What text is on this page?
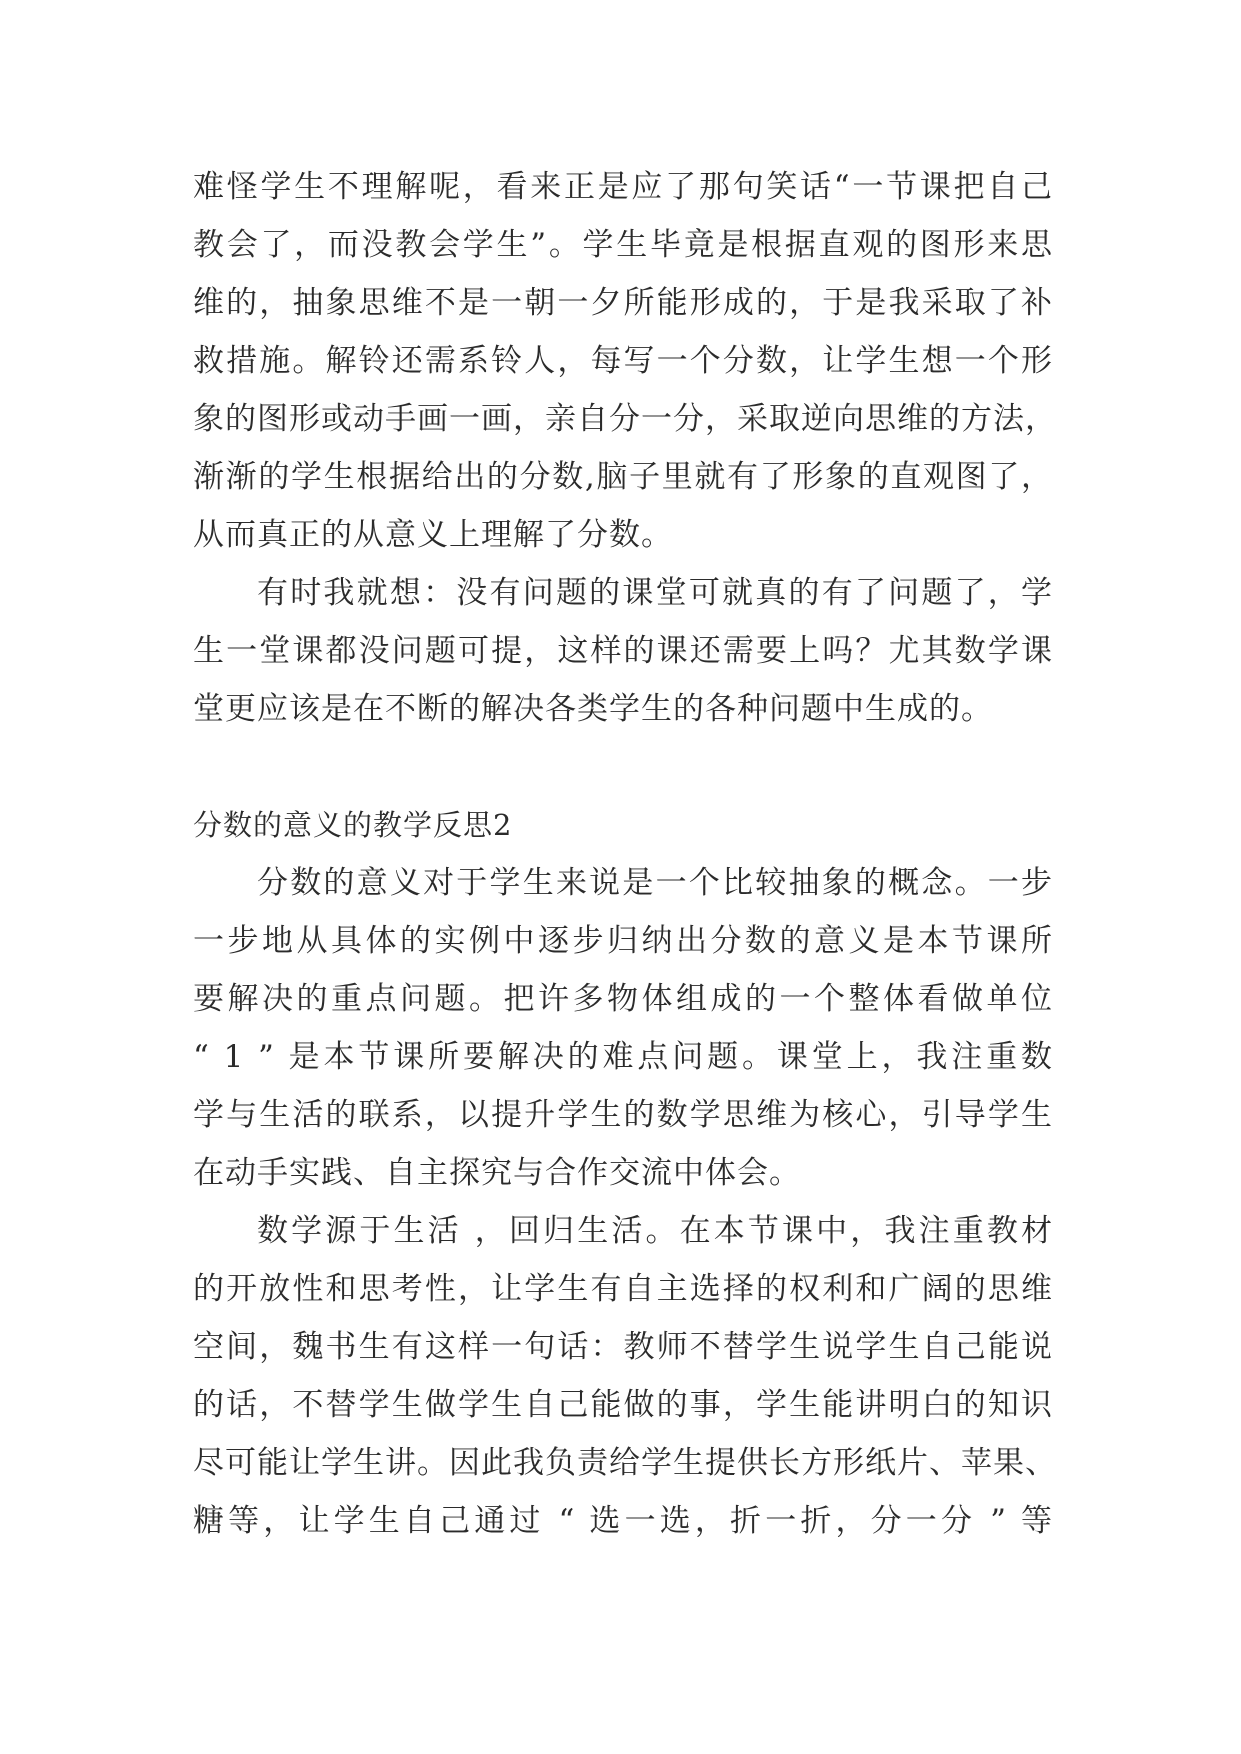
难怪学生不理解呢，看来正是应了那句笑话“一节课把自己
教会了，而没教会学生”。学生毕竟是根据直观的图形来思
维的，抽象思维不是一朝一夕所能形成的，于是我采取了补
救措施。解铃还需系铃人，每写一个分数，让学生想一个形
象的图形或动手画一画，亲自分一分，采取逆向思维的方法，
渐渐的学生根据给出的分数,脑子里就有了形象的直观图了，
从而真正的从意义上理解了分数。
有时我就想：没有问题的课堂可就真的有了问题了，学
生一堂课都没问题可提，这样的课还需要上吗？尤其数学课
堂更应该是在不断的解决各类学生的各种问题中生成的。
分数的意义的教学反思2
分数的意义对于学生来说是一个比较抽象的概念。一步
一步地从具体的实例中逐步归纳出分数的意义是本节课所
要解决的重点问题。把许多物体组成的一个整体看做单位
“ 1 ” 是本节课所要解决的难点问题。课堂上，我注重数
学与生活的联系，以提升学生的数学思维为核心，引导学生
在动手实践、自主探究与合作交流中体会。
数学源于生活 ，回归生活。在本节课中，我注重教材
的开放性和思考性，让学生有自主选择的权利和广阔的思维
空间，魏书生有这样一句话：教师不替学生说学生自己能说
的话，不替学生做学生自己能做的事，学生能讲明白的知识
尽可能让学生讲。因此我负责给学生提供长方形纸片、苹果、
糖等，让学生自己通过 “ 选一选，折一折，分一分 ” 等
